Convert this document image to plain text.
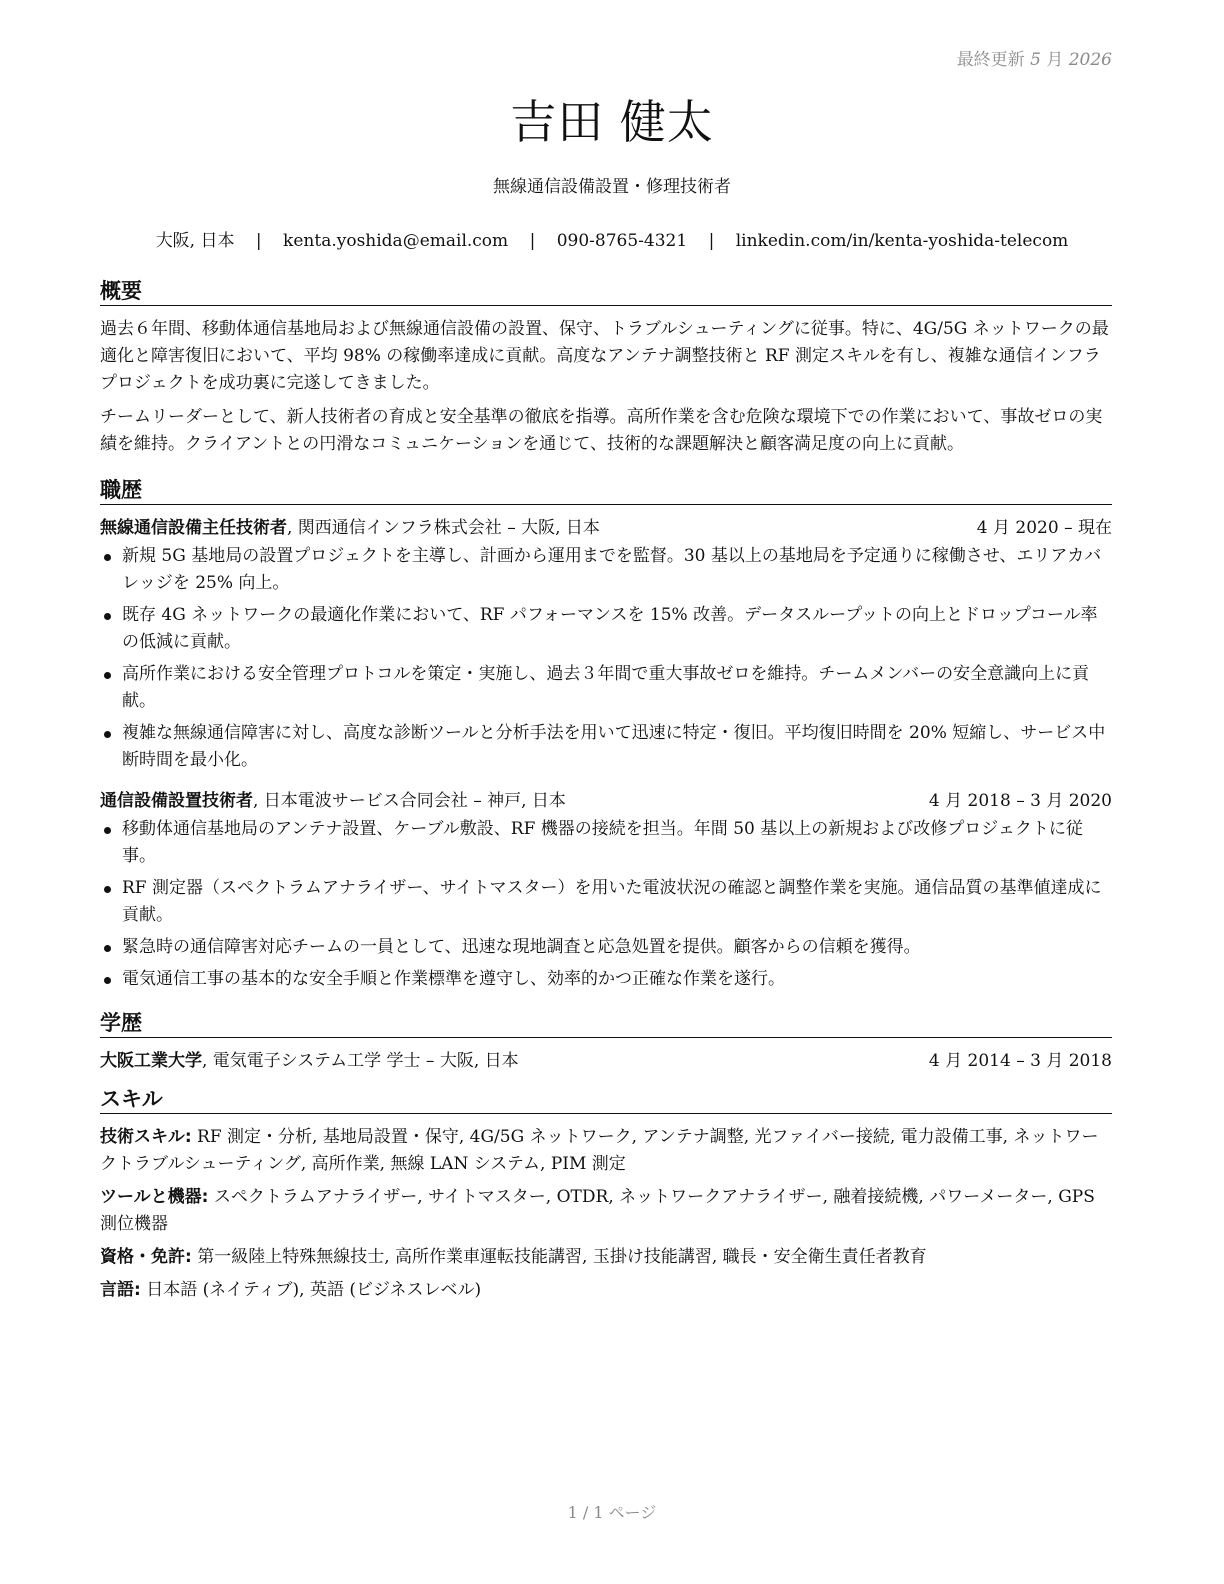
最終更新 5 月 2026
吉田 健太
無線通信設備設置・修理技術者
大阪, 日本 | kenta.yoshida@email.com | 090-8765-4321 | linkedin.com/in/kenta-yoshida-telecom
概要

過去６年間、移動体通信基地局および無線通信設備の設置、保守、トラブルシューティングに従事。特に、4G/5G ネットワークの最適化と障害復旧において、平均 98% の稼働率達成に貢献。高度なアンテナ調整技術と RF 測定スキルを有し、複雑な通信インフラプロジェクトを成功裏に完遂してきました。

チームリーダーとして、新人技術者の育成と安全基準の徹底を指導。高所作業を含む危険な環境下での作業において、事故ゼロの実績を維持。クライアントとの円滑なコミュニケーションを通じて、技術的な課題解決と顧客満足度の向上に貢献。

職歴
無線通信設備主任技術者, 関西通信インフラ株式会社 – 大阪, 日本	4 月 2020 – 現在
新規 5G 基地局の設置プロジェクトを主導し、計画から運用までを監督。30 基以上の基地局を予定通りに稼働させ、エリアカバレッジを 25% 向上。
既存 4G ネットワークの最適化作業において、RF パフォーマンスを 15% 改善。データスループットの向上とドロップコール率の低減に貢献。
高所作業における安全管理プロトコルを策定・実施し、過去３年間で重大事故ゼロを維持。チームメンバーの安全意識向上に貢献。
複雑な無線通信障害に対し、高度な診断ツールと分析手法を用いて迅速に特定・復旧。平均復旧時間を 20% 短縮し、サービス中断時間を最小化。
通信設備設置技術者, 日本電波サービス合同会社 – 神戸, 日本	4 月 2018 – 3 月 2020
移動体通信基地局のアンテナ設置、ケーブル敷設、RF 機器の接続を担当。年間 50 基以上の新規および改修プロジェクトに従事。
RF 測定器（スペクトラムアナライザー、サイトマスター）を用いた電波状況の確認と調整作業を実施。通信品質の基準値達成に貢献。
緊急時の通信障害対応チームの一員として、迅速な現地調査と応急処置を提供。顧客からの信頼を獲得。
電気通信工事の基本的な安全手順と作業標準を遵守し、効率的かつ正確な作業を遂行。
学歴
大阪工業大学, 電気電子システム工学 学士 – 大阪, 日本	4 月 2014 – 3 月 2018
スキル

技術スキル: RF 測定・分析, 基地局設置・保守, 4G/5G ネットワーク, アンテナ調整, 光ファイバー接続, 電力設備工事, ネットワークトラブルシューティング, 高所作業, 無線 LAN システム, PIM 測定

ツールと機器: スペクトラムアナライザー, サイトマスター, OTDR, ネットワークアナライザー, 融着接続機, パワーメーター, GPS 測位機器

資格・免許: 第一級陸上特殊無線技士, 高所作業車運転技能講習, 玉掛け技能講習, 職長・安全衛生責任者教育

言語: 日本語 (ネイティブ), 英語 (ビジネスレベル)

1 / 1 ページ
